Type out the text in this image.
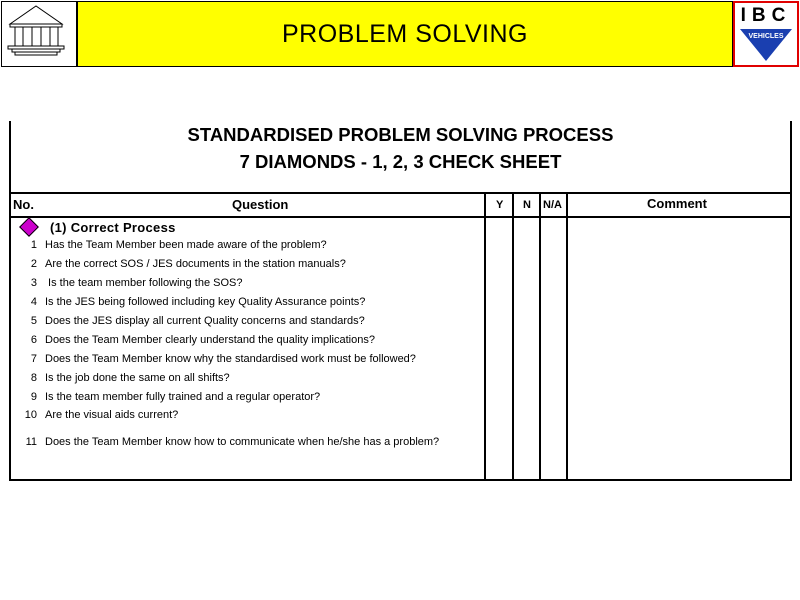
PROBLEM SOLVING
IBC
VEHICLES
STANDARDISED PROBLEM SOLVING PROCESS
7 DIAMONDS - 1, 2, 3 CHECK SHEET
No.	Question	Y N N/A	Comment
(1) Correct Process
1 Has the Team Member been made aware of the problem?
2 Are the correct SOS / JES documents in the station manuals?
3 Is the team member following the SOS?
4 Is the JES being followed including key Quality Assurance points?
5 Does the JES display all current Quality concerns and standards?
6 Does the Team Member clearly understand the quality implications?
7 Does the Team Member know why the standardised work must be followed?
8 Is the job done the same on all shifts?
9 Is the team member fully trained and a regular operator?
10 Are the visual aids current?
11 Does the Team Member know how to communicate when he/she has a problem?
